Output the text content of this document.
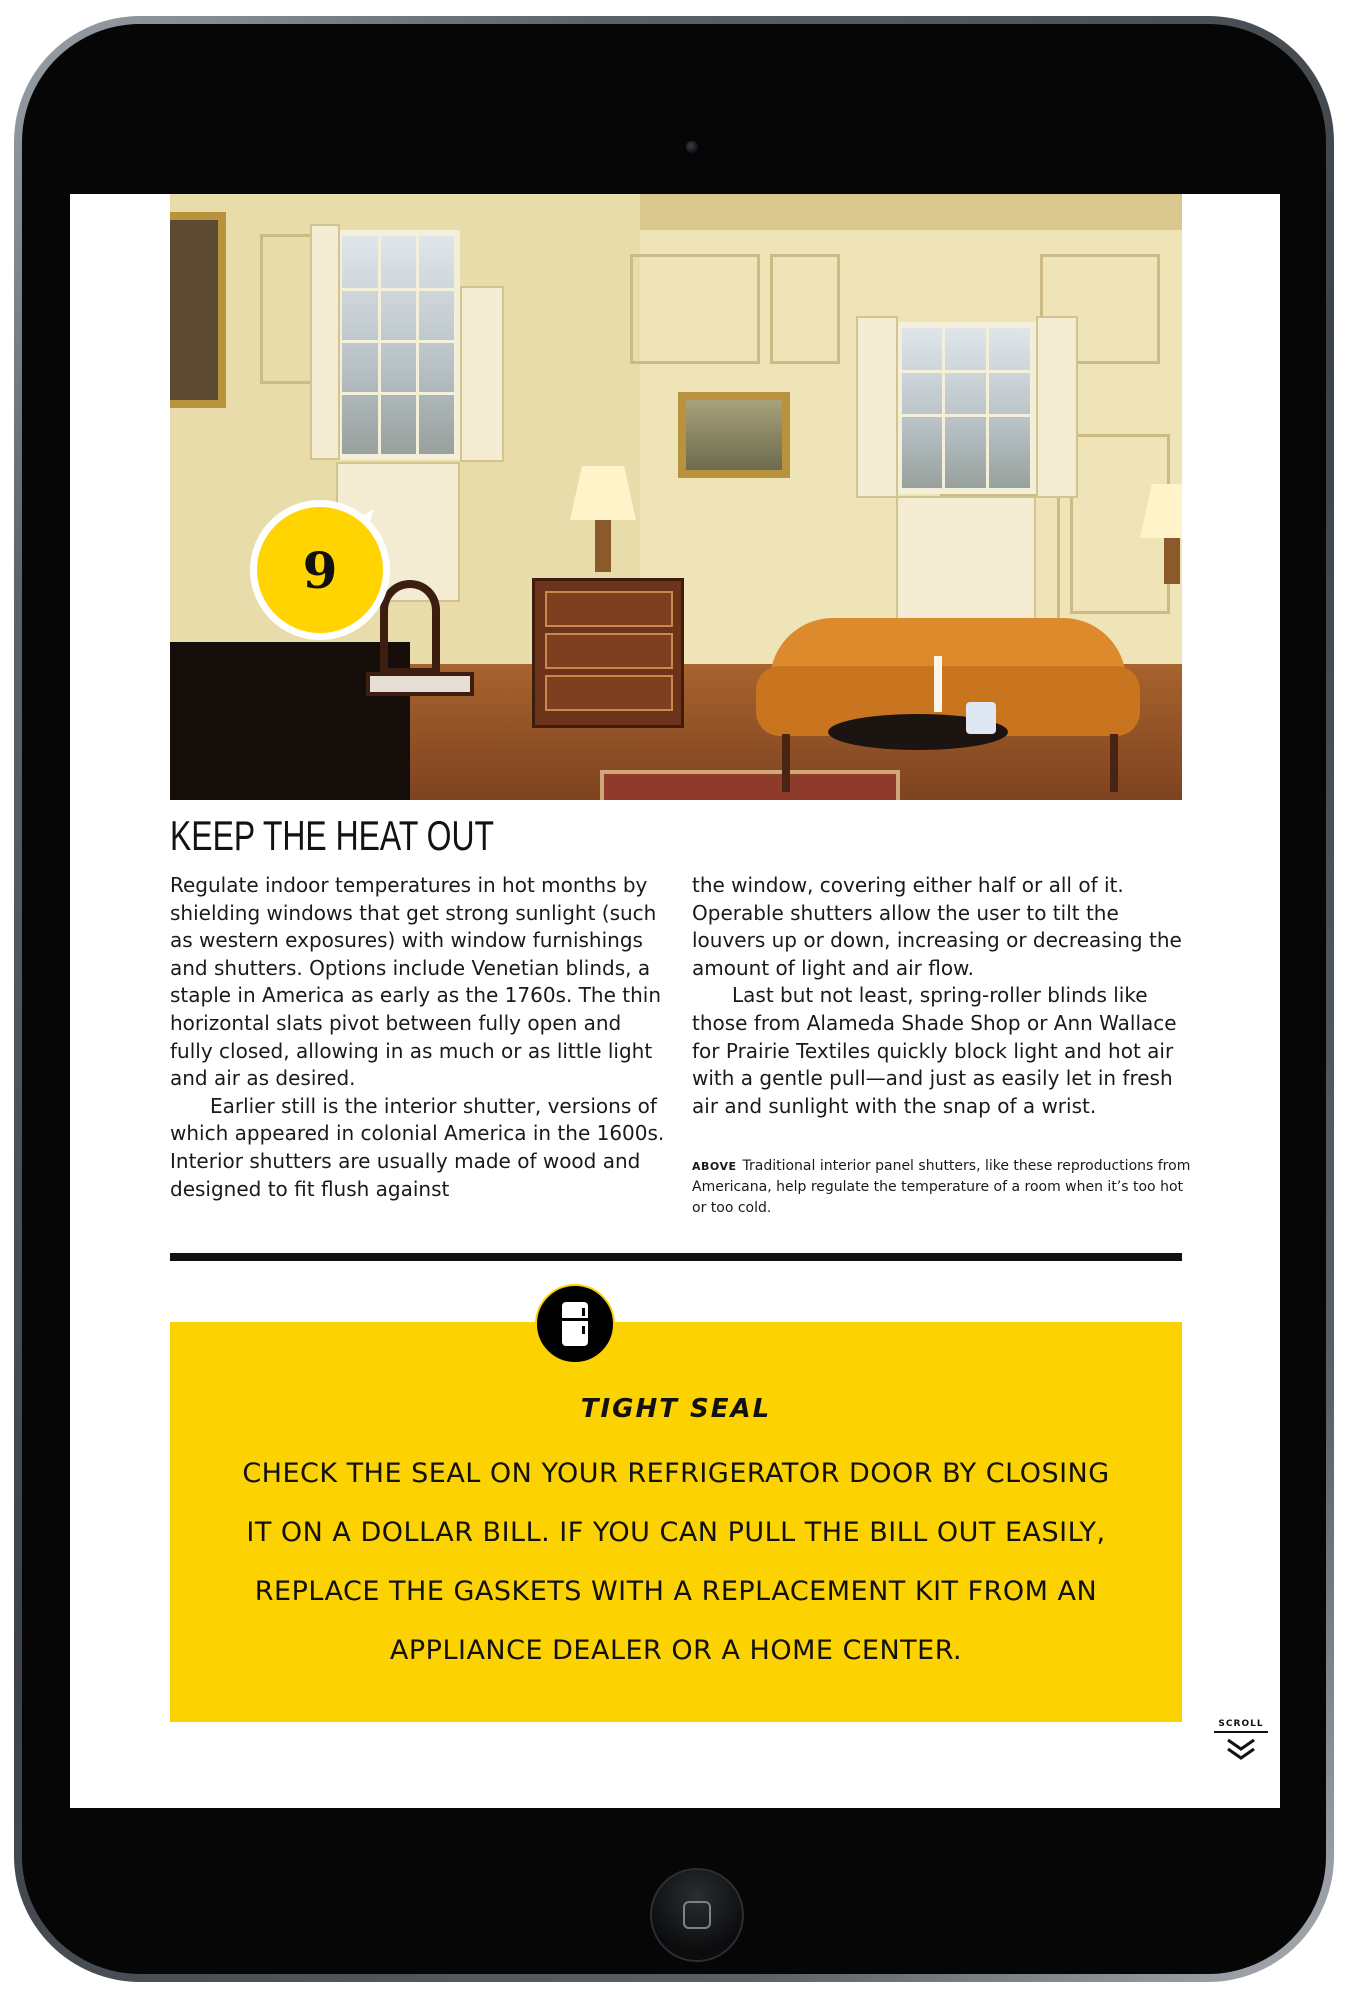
9
KEEP THE HEAT OUT

Regulate indoor temperatures in hot months by shielding windows that get strong sunlight (such as western exposures) with window furnishings and shutters. Options include Venetian blinds, a staple in America as early as the 1760s. The thin horizontal slats pivot between fully open and fully closed, allowing in as much or as little light and air as desired.

Earlier still is the interior shutter, versions of which appeared in colonial America in the 1600s. Interior shutters are usually made of wood and designed to fit flush against

the window, covering either half or all of it. Operable shutters allow the user to tilt the louvers up or down, increasing or decreasing the amount of light and air flow.

Last but not least, spring-roller blinds like those from Alameda Shade Shop or Ann Wallace for Prairie Textiles quickly block light and hot air with a gentle pull—and just as easily let in fresh air and sunlight with the snap of a wrist.

ABOVE Traditional interior panel shutters, like these reproductions from Americana, help regulate the temperature of a room when it’s too hot or too cold.
TIGHT SEAL
CHECK THE SEAL ON YOUR REFRIGERATOR DOOR BY CLOSING IT ON A DOLLAR BILL. IF YOU CAN PULL THE BILL OUT EASILY, REPLACE THE GASKETS WITH A REPLACEMENT KIT FROM AN APPLIANCE DEALER OR A HOME CENTER.
SCROLL
